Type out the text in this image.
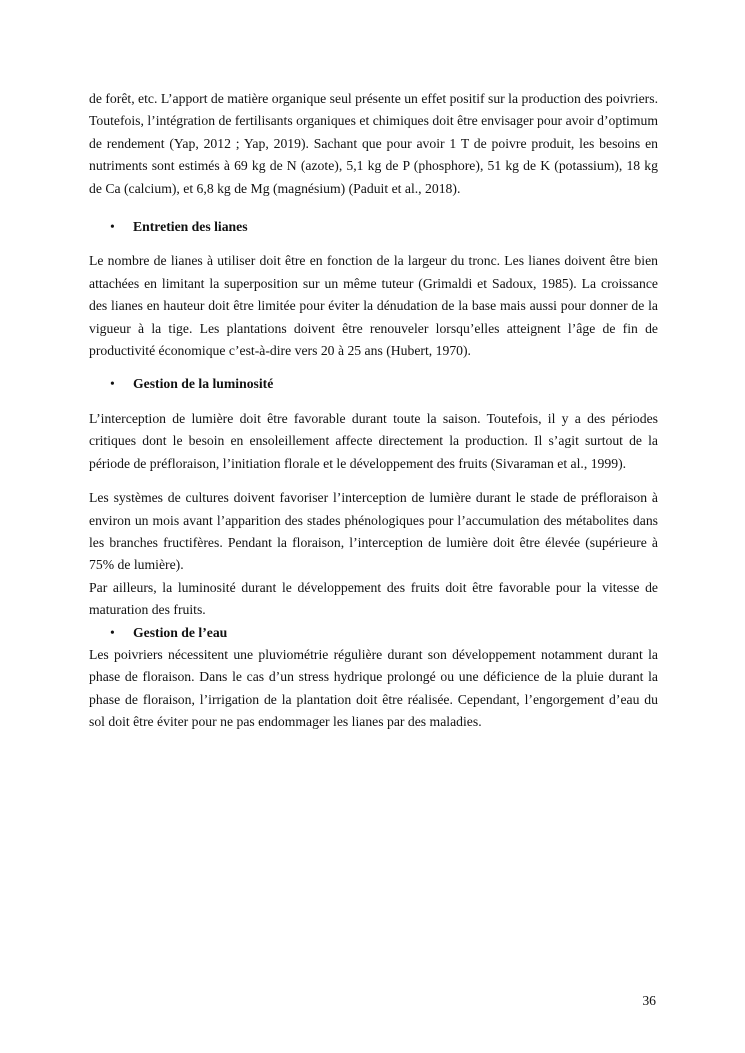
de forêt, etc. L’apport de matière organique seul présente un effet positif sur la production des poivriers. Toutefois, l’intégration de fertilisants organiques et chimiques doit être envisager pour avoir d’optimum de rendement (Yap, 2012 ; Yap, 2019). Sachant que pour avoir 1 T de poivre produit, les besoins en nutriments sont estimés à 69 kg de N (azote), 5,1 kg de P (phosphore), 51 kg de K (potassium), 18 kg de Ca (calcium), et 6,8 kg de Mg (magnésium) (Paduit et al., 2018).

• Entretien des lianes

Le nombre de lianes à utiliser doit être en fonction de la largeur du tronc. Les lianes doivent être bien attachées en limitant la superposition sur un même tuteur (Grimaldi et Sadoux, 1985). La croissance des lianes en hauteur doit être limitée pour éviter la dénudation de la base mais aussi pour donner de la vigueur à la tige. Les plantations doivent être renouveler lorsqu’elles atteignent l’âge de fin de productivité économique c’est-à-dire vers 20 à 25 ans (Hubert, 1970).

• Gestion de la luminosité

L’interception de lumière doit être favorable durant toute la saison. Toutefois, il y a des périodes critiques dont le besoin en ensoleillement affecte directement la production. Il s’agit surtout de la période de préfloraison, l’initiation florale et le développement des fruits (Sivaraman et al., 1999).

Les systèmes de cultures doivent favoriser l’interception de lumière durant le stade de préfloraison à environ un mois avant l’apparition des stades phénologiques pour l’accumulation des métabolites dans les branches fructifères. Pendant la floraison, l’interception de lumière doit être élevée (supérieure à 75% de lumière).

Par ailleurs, la luminosité durant le développement des fruits doit être favorable pour la vitesse de maturation des fruits.

• Gestion de l’eau

Les poivriers nécessitent une pluviométrie régulière durant son développement notamment durant la phase de floraison. Dans le cas d’un stress hydrique prolongé ou une déficience de la pluie durant la phase de floraison, l’irrigation de la plantation doit être réalisée. Cependant, l’engorgement d’eau du sol doit être éviter pour ne pas endommager les lianes par des maladies.

36
